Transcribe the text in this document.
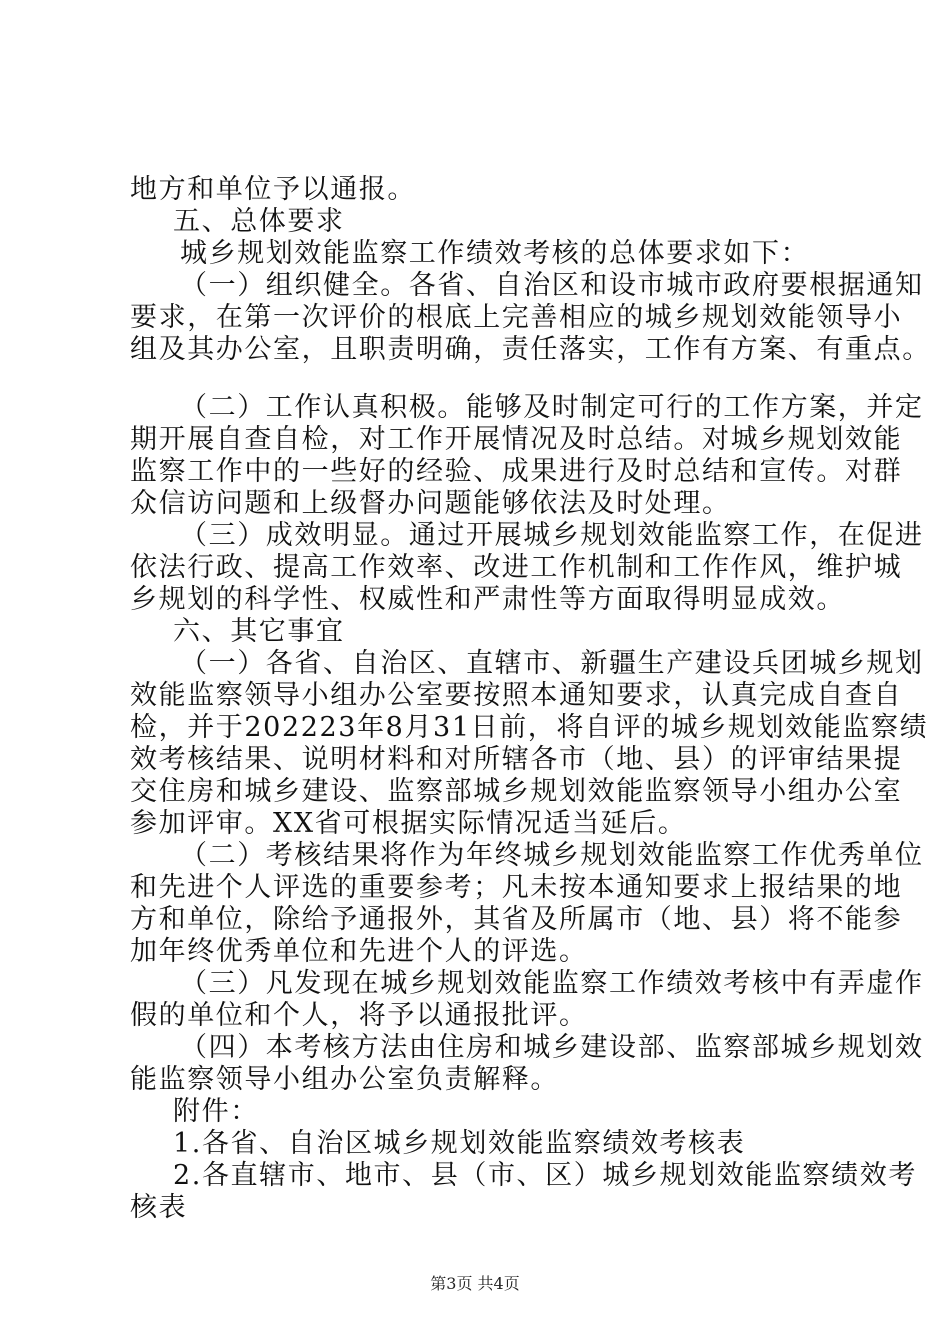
地方和单位予以通报。
五、总体要求
城乡规划效能监察工作绩效考核的总体要求如下：
（一）组织健全。各省、自治区和设市城市政府要根据通知
要求，在第一次评价的根底上完善相应的城乡规划效能领导小
组及其办公室，且职责明确，责任落实，工作有方案、有重点。
（二）工作认真积极。能够及时制定可行的工作方案，并定
期开展自查自检，对工作开展情况及时总结。对城乡规划效能
监察工作中的一些好的经验、成果进行及时总结和宣传。对群
众信访问题和上级督办问题能够依法及时处理。
（三）成效明显。通过开展城乡规划效能监察工作，在促进
依法行政、提高工作效率、改进工作机制和工作作风，维护城
乡规划的科学性、权威性和严肃性等方面取得明显成效。
六、其它事宜
（一）各省、自治区、直辖市、新疆生产建设兵团城乡规划
效能监察领导小组办公室要按照本通知要求，认真完成自查自
检，并于202223年8月31日前，将自评的城乡规划效能监察绩
效考核结果、说明材料和对所辖各市（地、县）的评审结果提
交住房和城乡建设、监察部城乡规划效能监察领导小组办公室
参加评审。XX省可根据实际情况适当延后。
（二）考核结果将作为年终城乡规划效能监察工作优秀单位
和先进个人评选的重要参考；凡未按本通知要求上报结果的地
方和单位，除给予通报外，其省及所属市（地、县）将不能参
加年终优秀单位和先进个人的评选。
（三）凡发现在城乡规划效能监察工作绩效考核中有弄虚作
假的单位和个人，将予以通报批评。
（四）本考核方法由住房和城乡建设部、监察部城乡规划效
能监察领导小组办公室负责解释。
附件：
1.各省、自治区城乡规划效能监察绩效考核表
2.各直辖市、地市、县（市、区）城乡规划效能监察绩效考
核表
第3页 共4页
